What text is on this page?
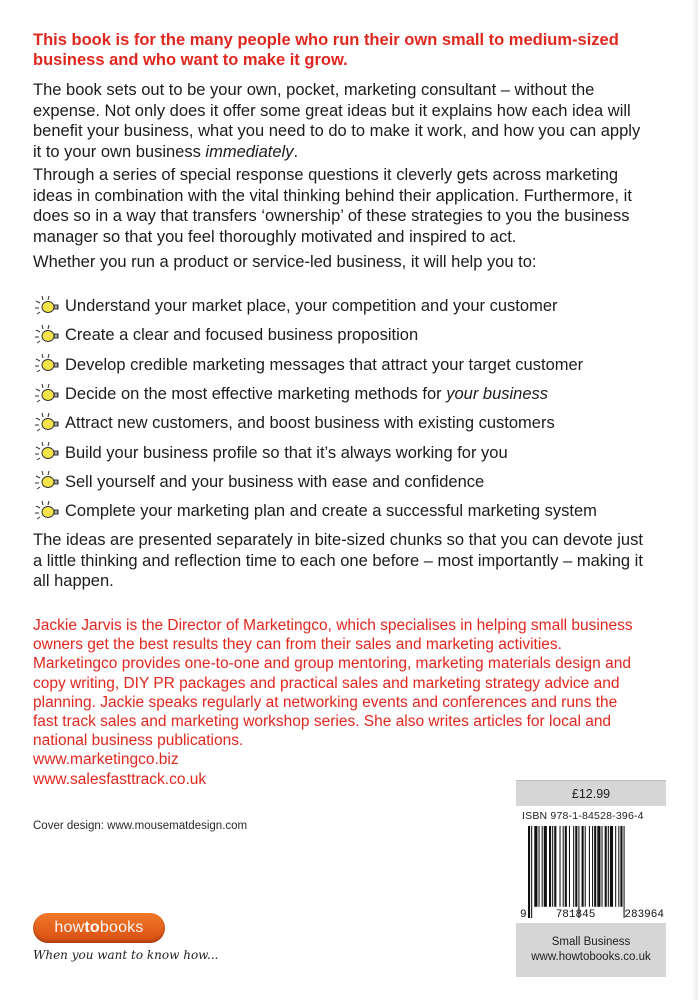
This book is for the many people who run their own small to medium-sized
business and who want to make it grow.
The book sets out to be your own, pocket, marketing consultant – without the
expense. Not only does it offer some great ideas but it explains how each idea will
benefit your business, what you need to do to make it work, and how you can apply
it to your own business immediately.
Through a series of special response questions it cleverly gets across marketing
ideas in combination with the vital thinking behind their application. Furthermore, it
does so in a way that transfers ‘ownership’ of these strategies to you the business
manager so that you feel thoroughly motivated and inspired to act.
Whether you run a product or service-led business, it will help you to:
Understand your market place, your competition and your customer
Create a clear and focused business proposition
Develop credible marketing messages that attract your target customer
Decide on the most effective marketing methods for your business
Attract new customers, and boost business with existing customers
Build your business profile so that it’s always working for you
Sell yourself and your business with ease and confidence
Complete your marketing plan and create a successful marketing system
The ideas are presented separately in bite-sized chunks so that you can devote just
a little thinking and reflection time to each one before – most importantly – making it
all happen.
Jackie Jarvis is the Director of Marketingco, which specialises in helping small business
owners get the best results they can from their sales and marketing activities.
Marketingco provides one-to-one and group mentoring, marketing materials design and
copy writing, DIY PR packages and practical sales and marketing strategy advice and
planning. Jackie speaks regularly at networking events and conferences and runs the
fast track sales and marketing workshop series. She also writes articles for local and
national business publications.
www.marketingco.biz
www.salesfasttrack.co.uk
Cover design: www.mousematdesign.com
how to books
When you want to know how...
£12.99
ISBN 978-1-84528-396-4
9	781845	283964
Small Business
www.howtobooks.co.uk
